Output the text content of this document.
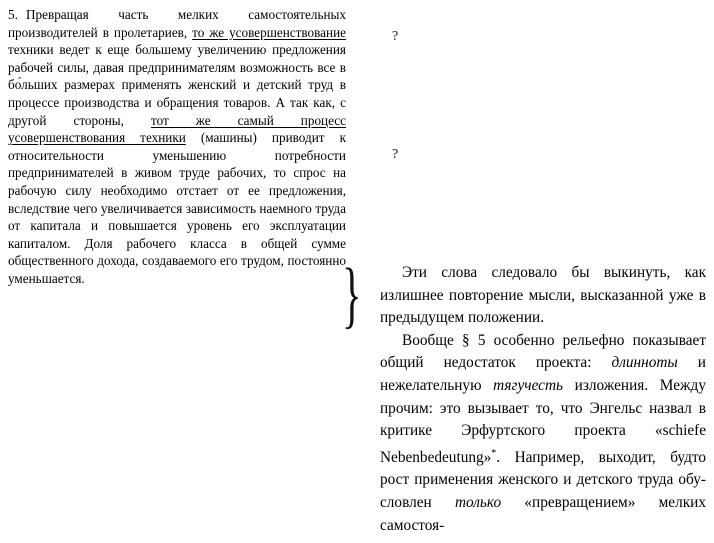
5. Превращая часть мелких самостоятельных производителей в пролетариев, то же усовершенствование техники ведет к еще большему увеличению предложения рабочей силы, давая предпринимателям возможность все в бо́льших размерах применять женский и детский труд в процессе производства и обращения товаров. А так как, с другой стороны, тот же самый процесс усовершенствования техники (машины) приводит к относительности уменьшению потребности предпринимателей в живом труде рабочих, то спрос на рабочую силу необходимо отстает от ее предложения, вследствие чего увеличивается зависимость наемного труда от капитала и повышается уровень его эксплуатации капиталом. Доля рабочего класса в общей сумме общественного дохода, создаваемого его трудом, постоянно уменьшается.	}
?
?

Эти слова следовало бы выкинуть, как излишнее повторение мысли, высказанной уже в предыдущем положении.

Вообще § 5 особенно рельефно показывает общий недостаток проекта: длинноты и нежелательную тягучесть изложения. Между прочим: это вызывает то, что Энгельс назвал в критике Эрфуртского проекта «schiefe Nebenbedeutung»*. Например, выходит, будто рост применения женского и детского труда обусловлен только «превращением» мелких самостоя-
